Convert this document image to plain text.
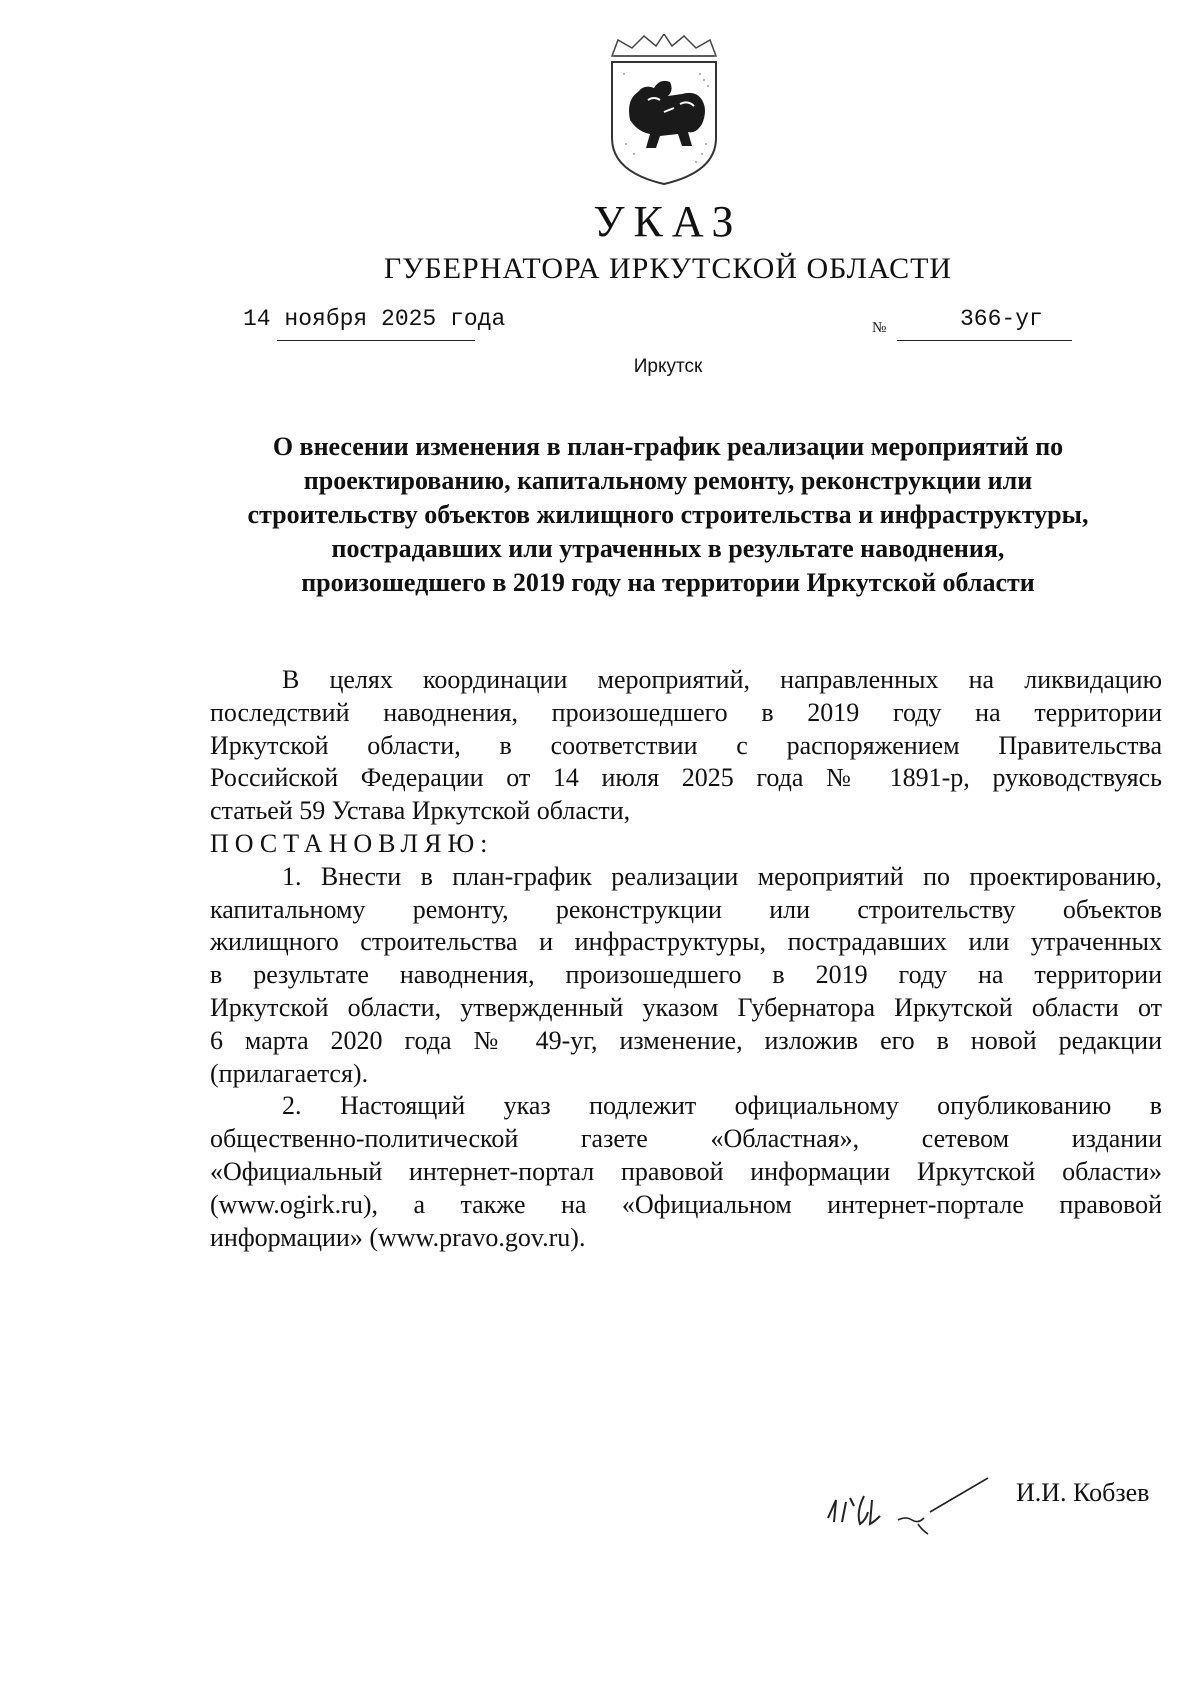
УКАЗ
ГУБЕРНАТОРА ИРКУТСКОЙ ОБЛАСТИ
14 ноября 2025 года	№	366-уг
Иркутск
О внесении изменения в план-график реализации мероприятий по
проектированию, капитальному ремонту, реконструкции или
строительству объектов жилищного строительства и инфраструктуры,
пострадавших или утраченных в результате наводнения,
произошедшего в 2019 году на территории Иркутской области
В целях координации мероприятий, направленных на ликвидацию
последствий наводнения, произошедшего в 2019 году на территории
Иркутской области, в соответствии с распоряжением Правительства
Российской Федерации от 14 июля 2025 года № 1891-р, руководствуясь
статьей 59 Устава Иркутской области,
ПОСТАНОВЛЯЮ:
1. Внести в план-график реализации мероприятий по проектированию,
капитальному ремонту, реконструкции или строительству объектов
жилищного строительства и инфраструктуры, пострадавших или утраченных
в результате наводнения, произошедшего в 2019 году на территории
Иркутской области, утвержденный указом Губернатора Иркутской области от
6 марта 2020 года № 49-уг, изменение, изложив его в новой редакции
(прилагается).
2. Настоящий указ подлежит официальному опубликованию в
общественно-политической газете «Областная», сетевом издании
«Официальный интернет-портал правовой информации Иркутской области»
(www.ogirk.ru), а также на «Официальном интернет-портале правовой
информации» (www.pravo.gov.ru).
И.И. Кобзев
